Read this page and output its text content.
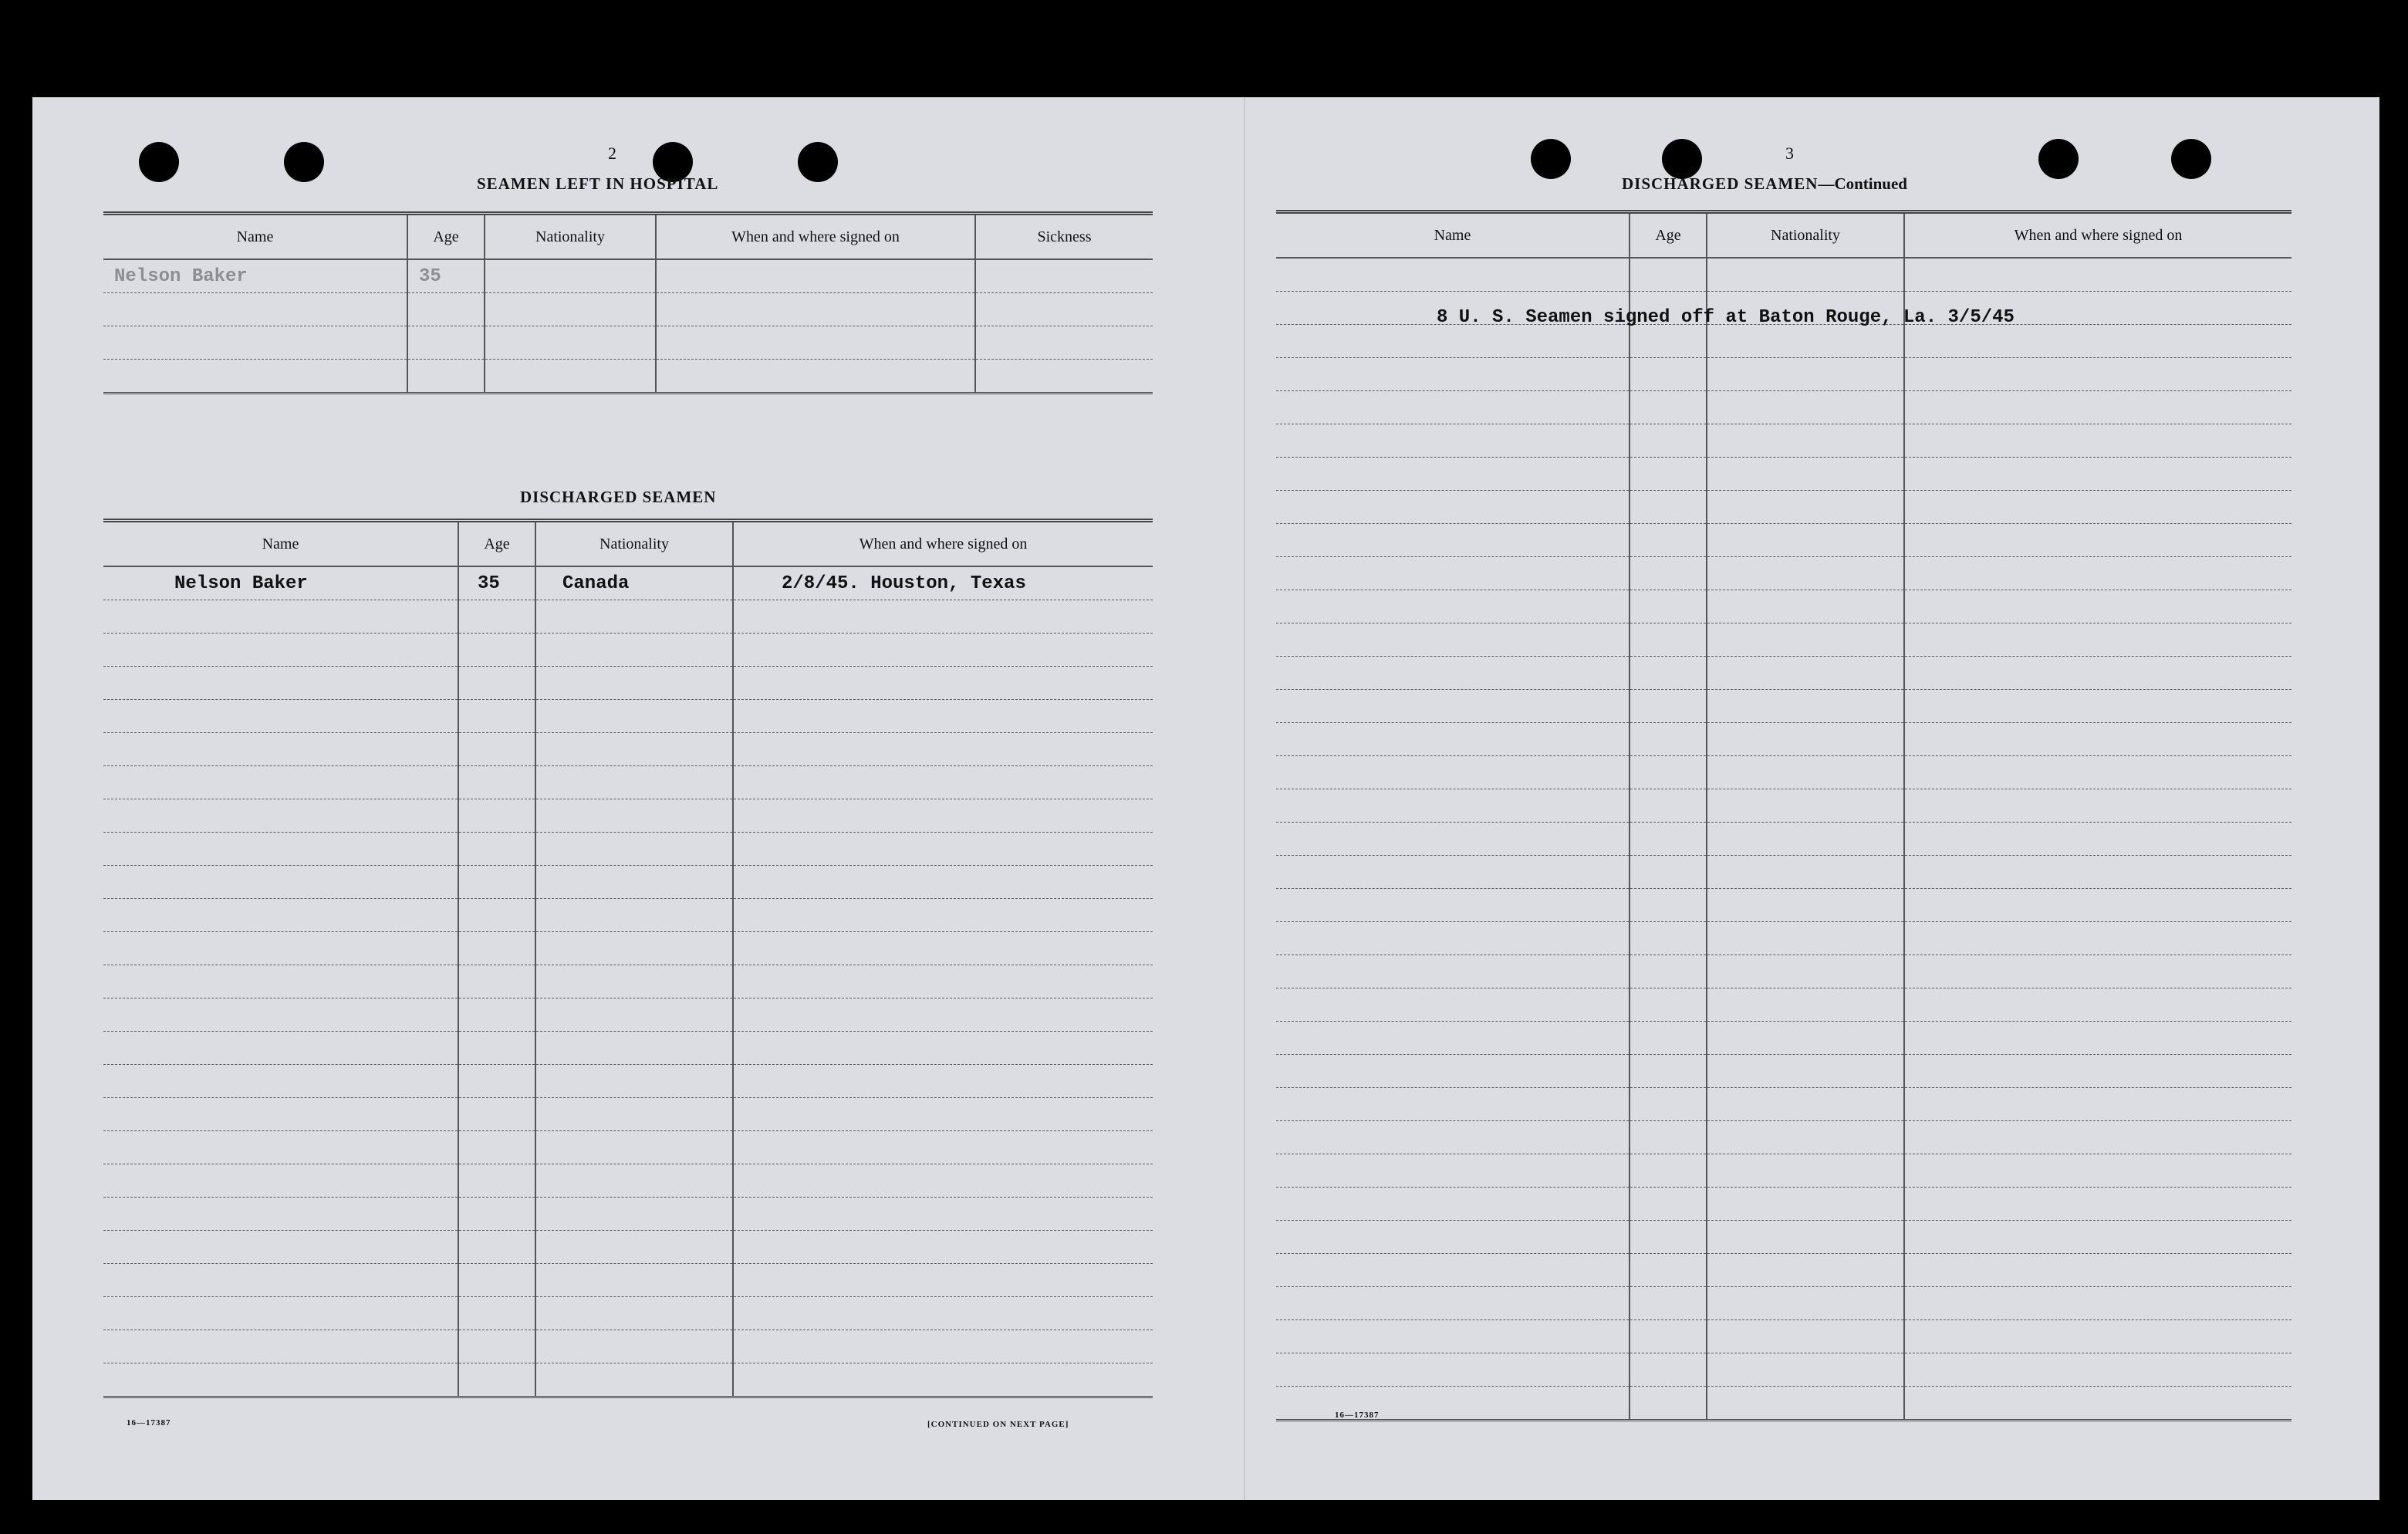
2
SEAMEN LEFT IN HOSPITAL
Name	Age	Nationality	When and where signed on	Sickness
Nelson Baker	35			

DISCHARGED SEAMEN
Name	Age	Nationality	When and where signed on
Nelson Baker	35	Canada	2/8/45. Houston, Texas

16—17387	[CONTINUED ON NEXT PAGE]
3
DISCHARGED SEAMEN—Continued
Name	Age	Nationality	When and where signed on

8 U. S. Seamen signed off at Baton Rouge, La. 3/5/45
16—17387
